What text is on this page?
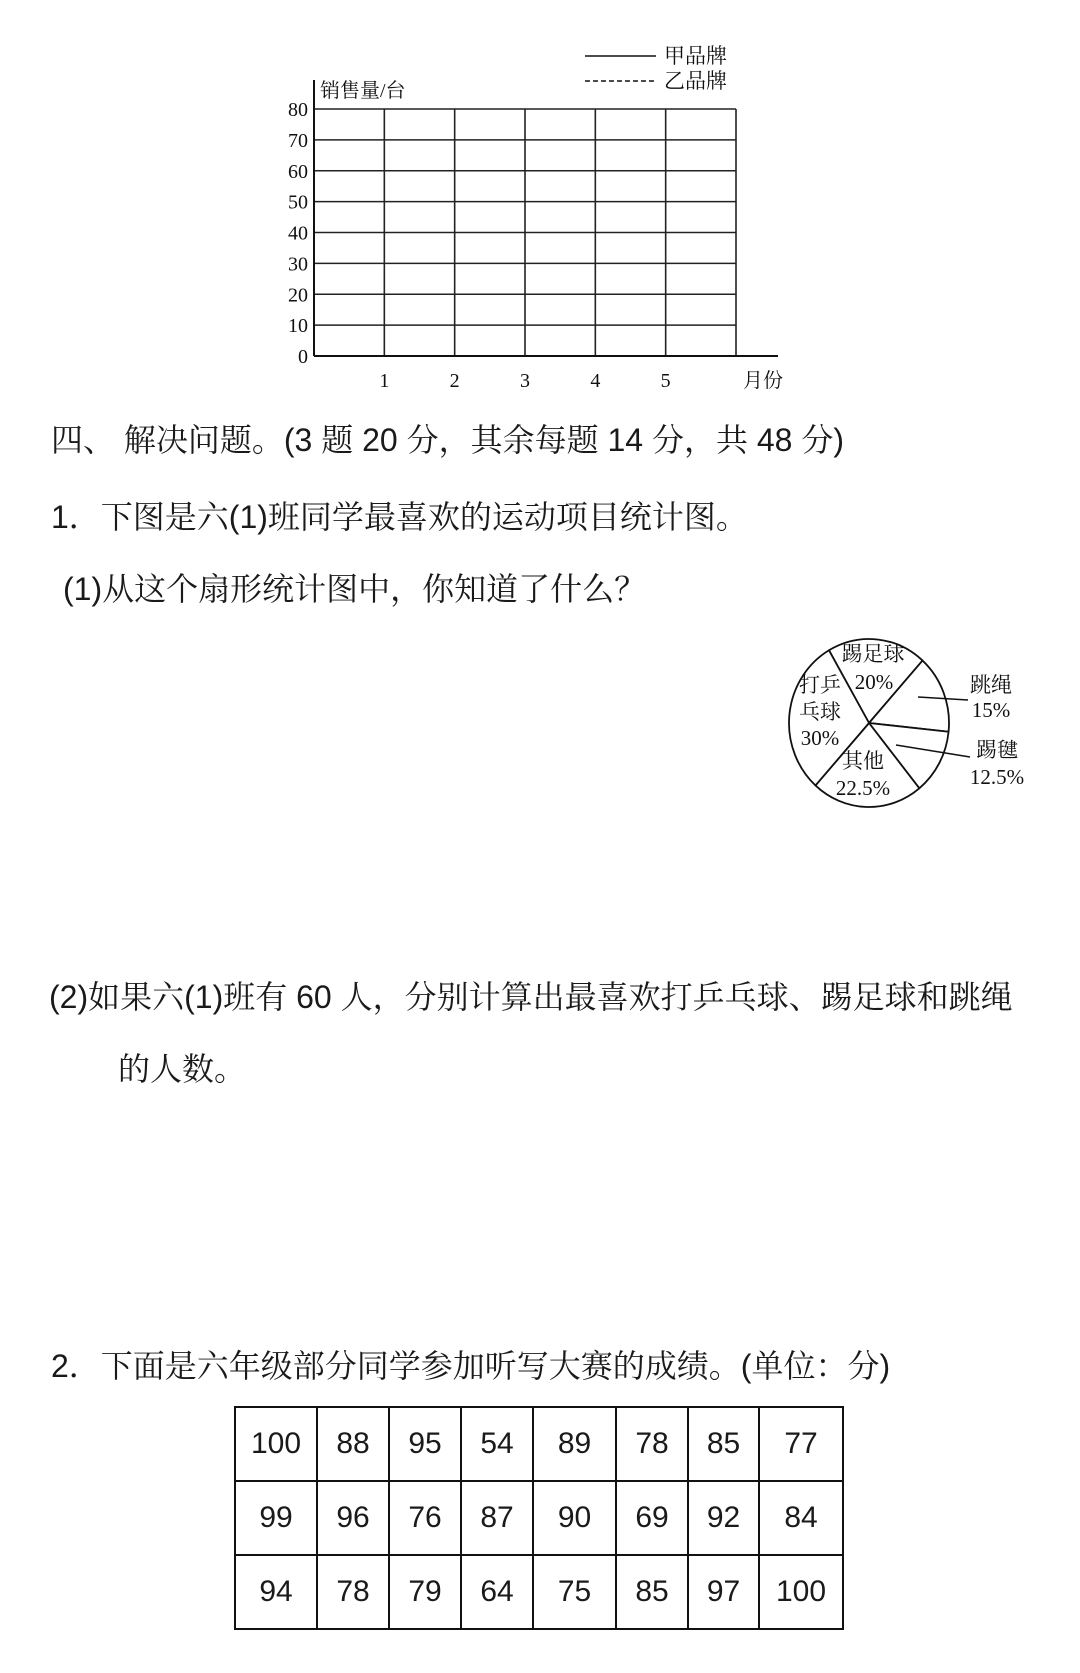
0
10
20
30
40
50
60
70
80
1	2	3	4	5
销售量/台
月份
甲品牌
乙品牌
四、 解决问题。(3 题 20 分，其余每题 14 分，共 48 分)
1．下图是六(1)班同学最喜欢的运动项目统计图。
(1)从这个扇形统计图中，你知道了什么？
踢足球
20%	跳绳
15%
踢毽
12.5%
其他
22.5%
打乒
乓球
30%
(2)如果六(1)班有 60 人，分别计算出最喜欢打乒乓球、踢足球和跳绳
的人数。
2．下面是六年级部分同学参加听写大赛的成绩。(单位：分)
100	88	95	54	89	78	85	77
99	96	76	87	90	69	92	84
94	78	79	64	75	85	97	100
